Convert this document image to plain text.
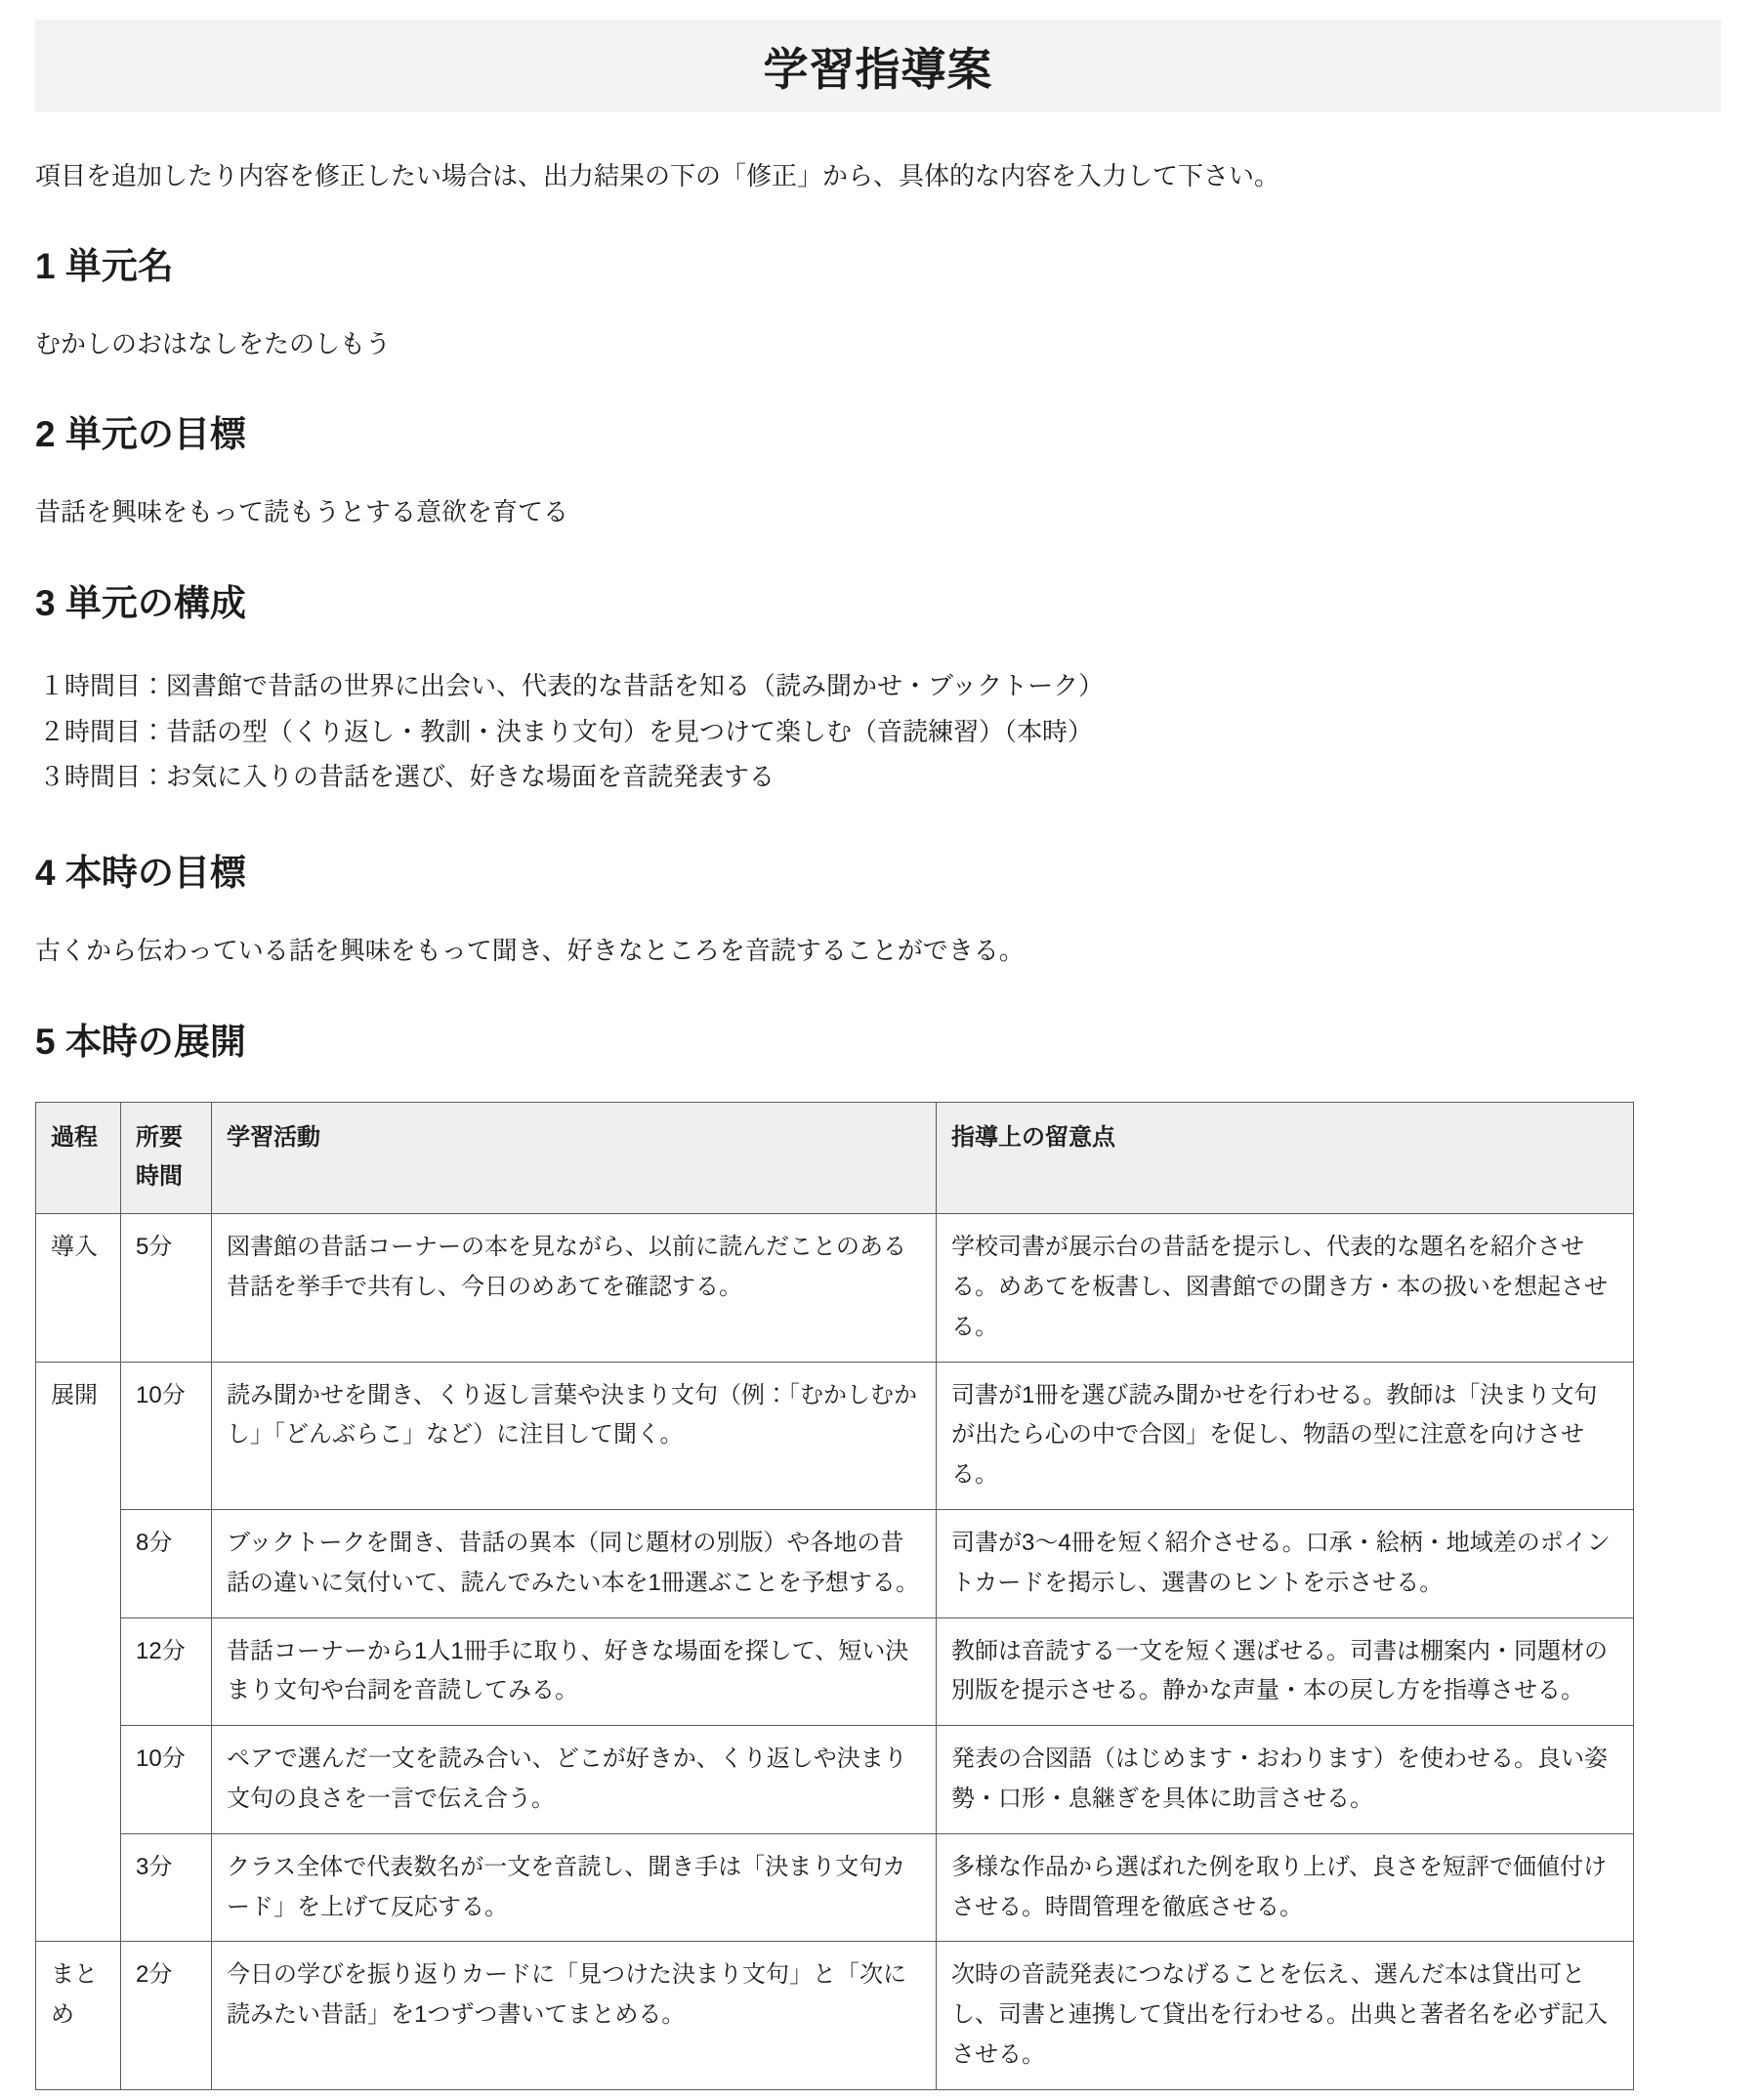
学習指導案

項目を追加したり内容を修正したい場合は、出力結果の下の「修正」から、具体的な内容を入力して下さい。

1 単元名

むかしのおはなしをたのしもう

2 単元の目標

昔話を興味をもって読もうとする意欲を育てる

3 単元の構成
１時間目：図書館で昔話の世界に出会い、代表的な昔話を知る（読み聞かせ・ブックトーク）
２時間目：昔話の型（くり返し・教訓・決まり文句）を見つけて楽しむ（音読練習）（本時）
３時間目：お気に入りの昔話を選び、好きな場面を音読発表する
4 本時の目標

古くから伝わっている話を興味をもって聞き、好きなところを音読することができる。

5 本時の展開
過程	所要時間	学習活動	指導上の留意点
導入	5分	図書館の昔話コーナーの本を見ながら、以前に読んだことのある昔話を挙手で共有し、今日のめあてを確認する。	学校司書が展示台の昔話を提示し、代表的な題名を紹介させる。めあてを板書し、図書館での聞き方・本の扱いを想起させる。
展開	10分	読み聞かせを聞き、くり返し言葉や決まり文句（例：「むかしむかし」「どんぶらこ」など）に注目して聞く。	司書が1冊を選び読み聞かせを行わせる。教師は「決まり文句が出たら心の中で合図」を促し、物語の型に注意を向けさせる。
	8分	ブックトークを聞き、昔話の異本（同じ題材の別版）や各地の昔話の違いに気付いて、読んでみたい本を1冊選ぶことを予想する。	司書が3〜4冊を短く紹介させる。口承・絵柄・地域差のポイントカードを掲示し、選書のヒントを示させる。
	12分	昔話コーナーから1人1冊手に取り、好きな場面を探して、短い決まり文句や台詞を音読してみる。	教師は音読する一文を短く選ばせる。司書は棚案内・同題材の別版を提示させる。静かな声量・本の戻し方を指導させる。
	10分	ペアで選んだ一文を読み合い、どこが好きか、くり返しや決まり文句の良さを一言で伝え合う。	発表の合図語（はじめます・おわります）を使わせる。良い姿勢・口形・息継ぎを具体に助言させる。
	3分	クラス全体で代表数名が一文を音読し、聞き手は「決まり文句カード」を上げて反応する。	多様な作品から選ばれた例を取り上げ、良さを短評で価値付けさせる。時間管理を徹底させる。
まとめ	2分	今日の学びを振り返りカードに「見つけた決まり文句」と「次に読みたい昔話」を1つずつ書いてまとめる。	次時の音読発表につなげることを伝え、選んだ本は貸出可とし、司書と連携して貸出を行わせる。出典と著者名を必ず記入させる。
